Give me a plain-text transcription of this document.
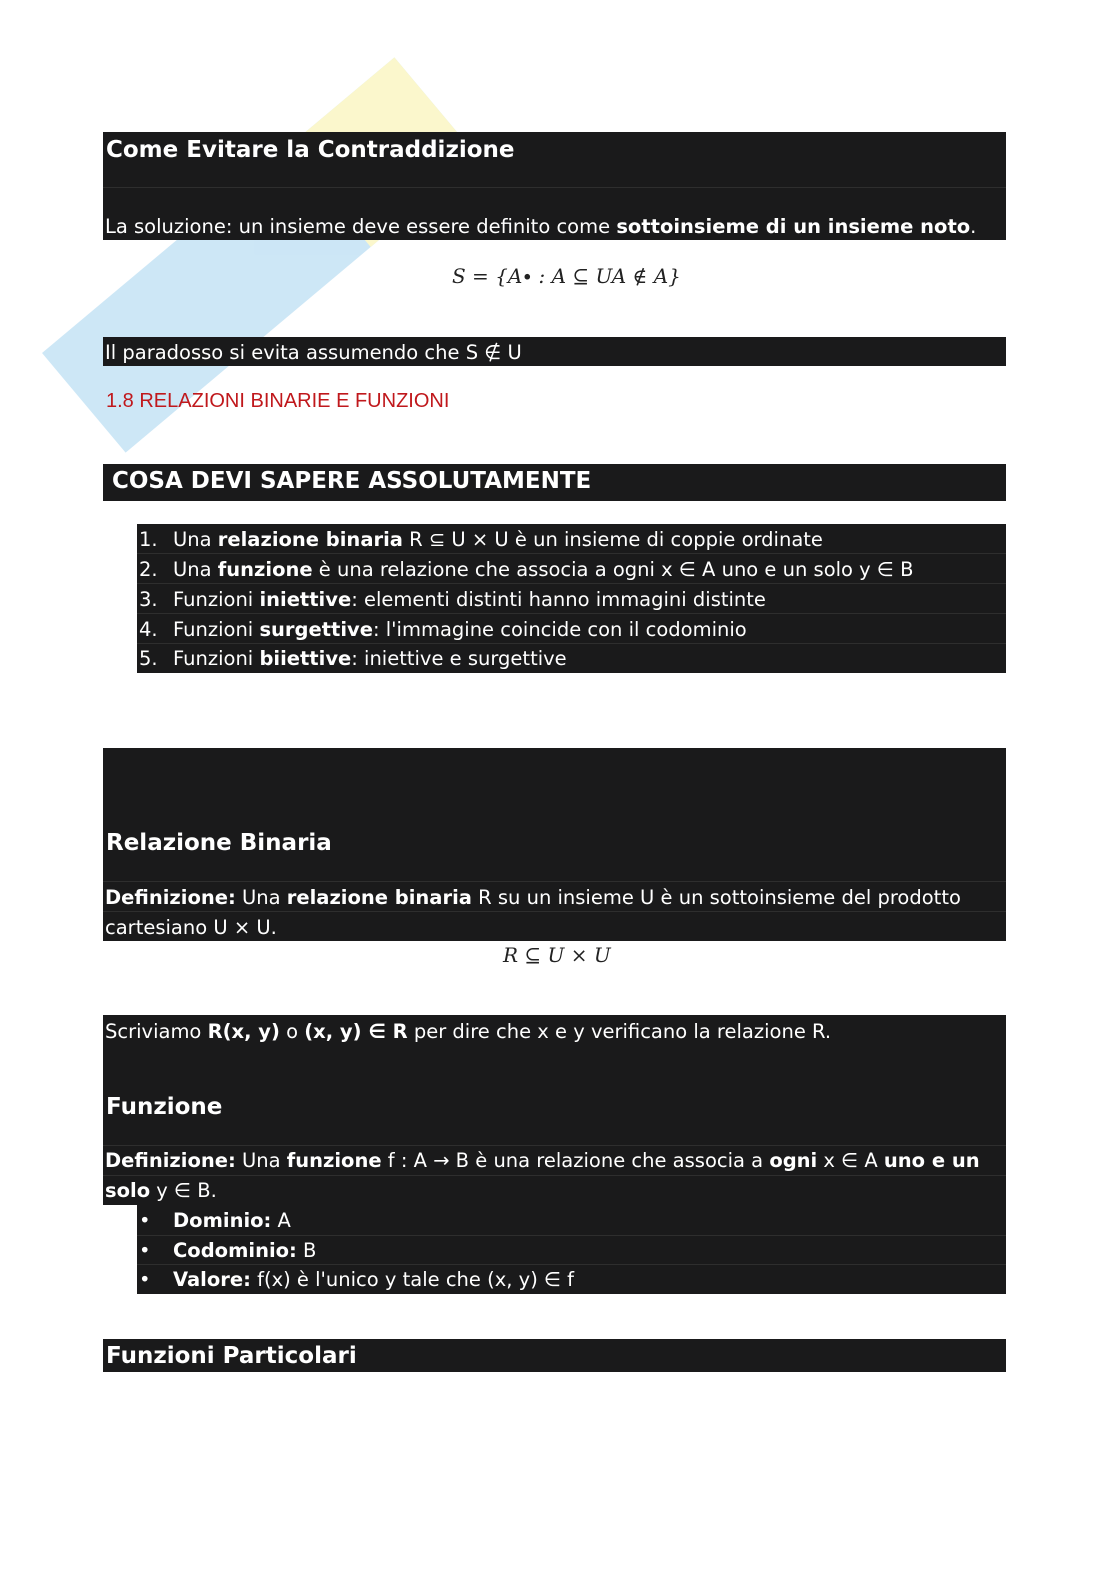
Come Evitare la Contraddizione
La soluzione: un insieme deve essere definito come sottoinsieme di un insieme noto.
S = {A∙ : A ⊆ UA ∉ A}
Il paradosso si evita assumendo che S ∉ U
1.8 RELAZIONI BINARIE E FUNZIONI
COSA DEVI SAPERE ASSOLUTAMENTE
1. Una relazione binaria R ⊆ U × U è un insieme di coppie ordinate
2. Una funzione è una relazione che associa a ogni x ∈ A uno e un solo y ∈ B
3. Funzioni iniettive: elementi distinti hanno immagini distinte
4. Funzioni surgettive: l'immagine coincide con il codominio
5. Funzioni biiettive: iniettive e surgettive
Relazione Binaria
Definizione: Una relazione binaria R su un insieme U è un sottoinsieme del prodotto
cartesiano U × U.
R ⊆ U × U
Scriviamo R(x, y) o (x, y) ∈ R per dire che x e y verificano la relazione R.
Funzione
Definizione: Una funzione f : A → B è una relazione che associa a ogni x ∈ A uno e un
solo y ∈ B.
• Dominio: A
• Codominio: B
• Valore: f(x) è l'unico y tale che (x, y) ∈ f
Funzioni Particolari
